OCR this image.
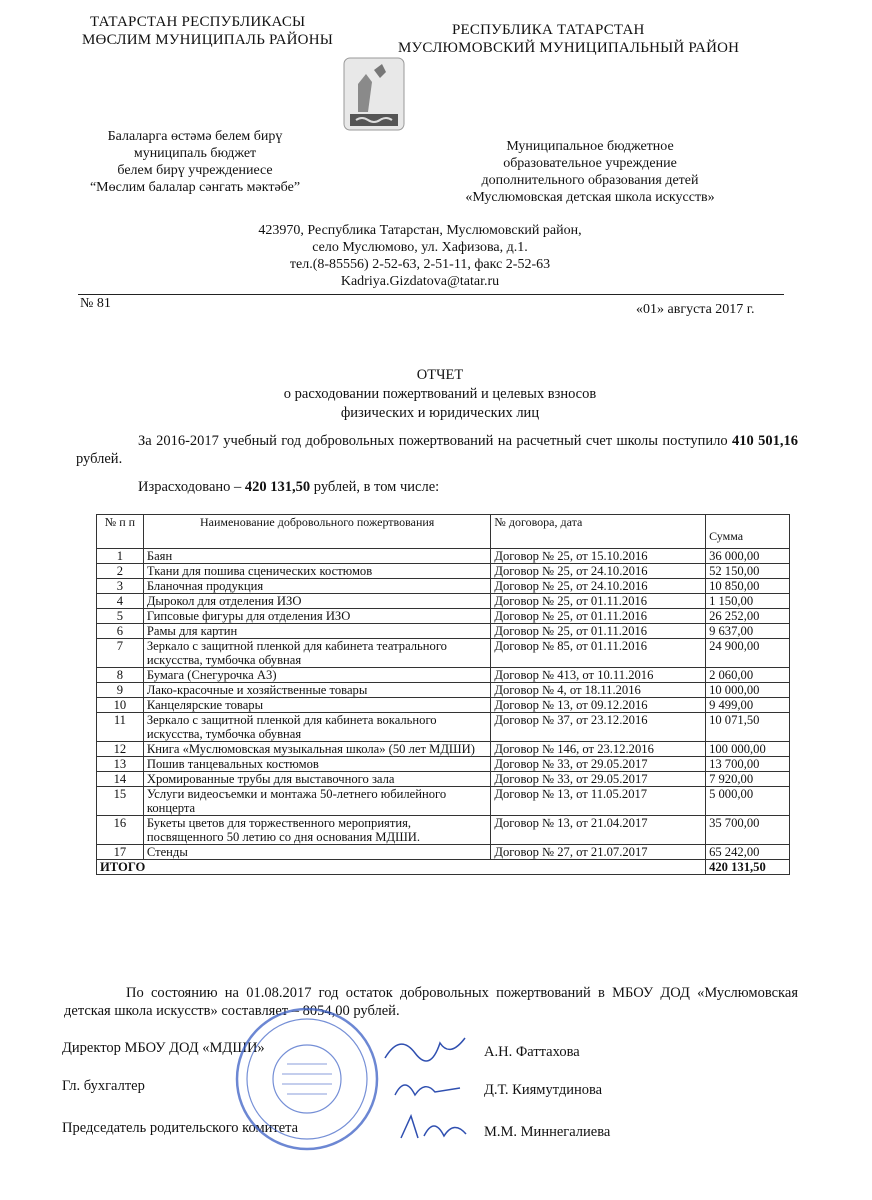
ТАТАРСТАН РЕСПУБЛИКАСЫ
МӨСЛИМ МУНИЦИПАЛЬ РАЙОНЫ
РЕСПУБЛИКА ТАТАРСТАН
МУСЛЮМОВСКИЙ МУНИЦИПАЛЬНЫЙ РАЙОН
Балаларга өстәмә белем бирү
муниципаль бюджет
белем бирү учреждениесе
“Мөслим балалар сәнгать мәктәбе”
Муниципальное бюджетное
образовательное учреждение
дополнительного образования детей
«Муслюмовская детская школа искусств»
423970, Республика Татарстан, Муслюмовский район,
село Муслюмово, ул. Хафизова, д.1.
тел.(8-85556) 2-52-63, 2-51-11, факс 2-52-63
Kadriya.Gizdatova@tatar.ru
№ 81	«01» августа 2017 г.
ОТЧЕТ
о расходовании пожертвований и целевых взносов
физических и юридических лиц
За 2016-2017 учебный год добровольных пожертвований на расчетный счет школы поступило 410 501,16 рублей.
Израсходовано – 420 131,50 рублей, в том числе:
№ п п	Наименование добровольного пожертвования	№ договора, дата	Сумма
1	Баян	Договор № 25, от 15.10.2016	36 000,00
2	Ткани для пошива сценических костюмов	Договор № 25, от 24.10.2016	52 150,00
3	Бланочная продукция	Договор № 25, от 24.10.2016	10 850,00
4	Дырокол для отделения ИЗО	Договор № 25, от 01.11.2016	1 150,00
5	Гипсовые фигуры для отделения ИЗО	Договор № 25, от 01.11.2016	26 252,00
6	Рамы для картин	Договор № 25, от 01.11.2016	9 637,00
7	Зеркало с защитной пленкой для кабинета театрального искусства, тумбочка обувная	Договор № 85, от 01.11.2016	24 900,00
8	Бумага (Снегурочка А3)	Договор № 413, от 10.11.2016	2 060,00
9	Лако-красочные и хозяйственные товары	Договор № 4, от 18.11.2016	10 000,00
10	Канцелярские товары	Договор № 13, от 09.12.2016	9 499,00
11	Зеркало с защитной пленкой для кабинета вокального искусства, тумбочка обувная	Договор № 37, от 23.12.2016	10 071,50
12	Книга «Муслюмовская музыкальная школа» (50 лет МДШИ)	Договор № 146, от 23.12.2016	100 000,00
13	Пошив танцевальных костюмов	Договор № 33, от 29.05.2017	13 700,00
14	Хромированные трубы для выставочного зала	Договор № 33, от 29.05.2017	7 920,00
15	Услуги видеосъемки и монтажа 50-летнего юбилейного концерта	Договор № 13, от 11.05.2017	5 000,00
16	Букеты цветов для торжественного мероприятия, посвященного 50 летию со дня основания МДШИ.	Договор № 13, от 21.04.2017	35 700,00
17	Стенды	Договор № 27, от 21.07.2017	65 242,00
ИТОГО			420 131,50
По состоянию на 01.08.2017 год остаток добровольных пожертвований в МБОУ ДОД «Муслюмовская детская школа искусств» составляет – 8054,00 рублей.
Директор МБОУ ДОД «МДШИ»	А.Н. Фаттахова
Гл. бухгалтер	Д.Т. Киямутдинова
Председатель родительского комитета	М.М. Миннегалиева
